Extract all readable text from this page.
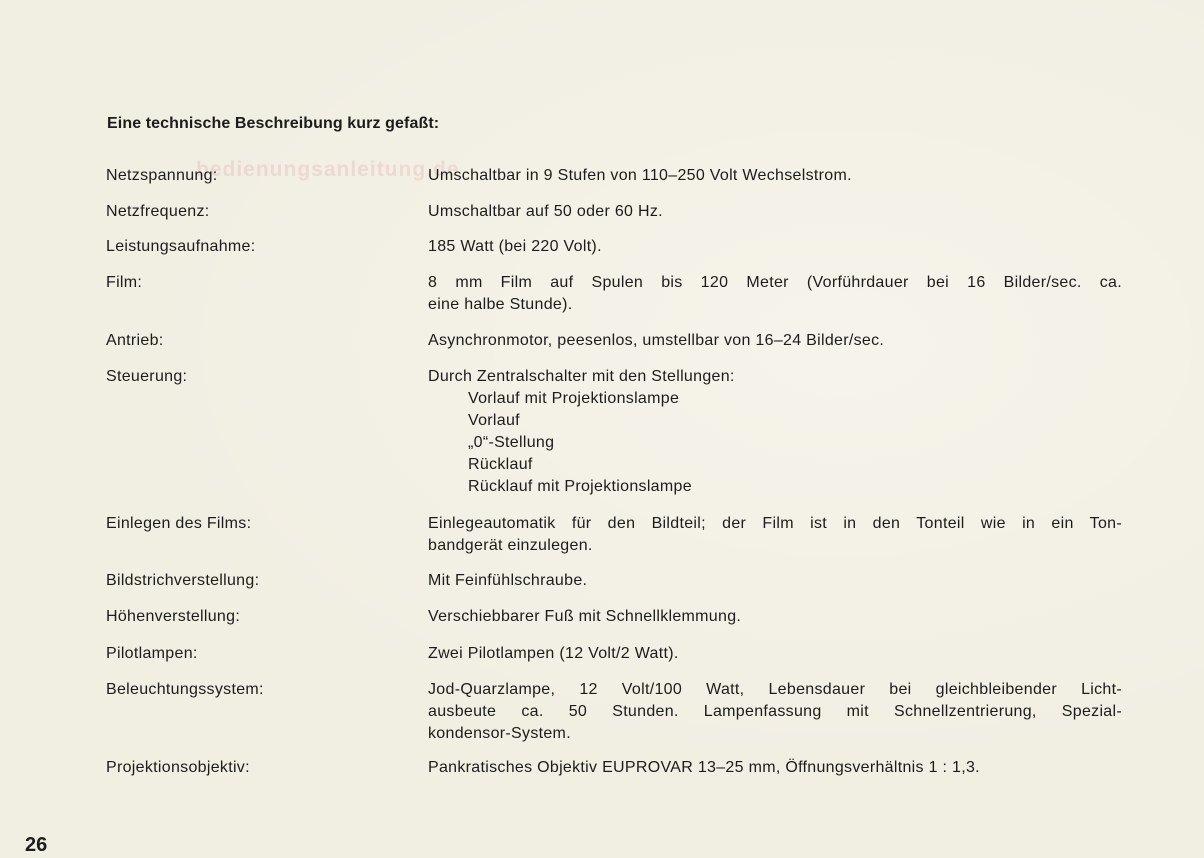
Eine technische Beschreibung kurz gefaßt:
bedienungsanleitung.de
Netzspannung:	Umschaltbar in 9 Stufen von 110–250 Volt Wechselstrom.
Netzfrequenz:	Umschaltbar auf 50 oder 60 Hz.
Leistungsaufnahme:	185 Watt (bei 220 Volt).
Film:	8 mm Film auf Spulen bis 120 Meter (Vorführdauer bei 16 Bilder/sec. ca.
eine halbe Stunde).
Antrieb:	Asynchronmotor, peesenlos, umstellbar von 16–24 Bilder/sec.
Steuerung:	Durch Zentralschalter mit den Stellungen:
Vorlauf mit Projektionslampe
Vorlauf
„0“-Stellung
Rücklauf
Rücklauf mit Projektionslampe
Einlegen des Films:	Einlegeautomatik für den Bildteil; der Film ist in den Tonteil wie in ein Ton-
bandgerät einzulegen.
Bildstrichverstellung:	Mit Feinfühlschraube.
Höhenverstellung:	Verschiebbarer Fuß mit Schnellklemmung.
Pilotlampen:	Zwei Pilotlampen (12 Volt/2 Watt).
Beleuchtungssystem:	Jod-Quarzlampe, 12 Volt/100 Watt, Lebensdauer bei gleichbleibender Licht-
ausbeute ca. 50 Stunden. Lampenfassung mit Schnellzentrierung, Spezial-
kondensor-System.
Projektionsobjektiv:	Pankratisches Objektiv EUPROVAR 13–25 mm, Öffnungsverhältnis 1 : 1,3.
26
